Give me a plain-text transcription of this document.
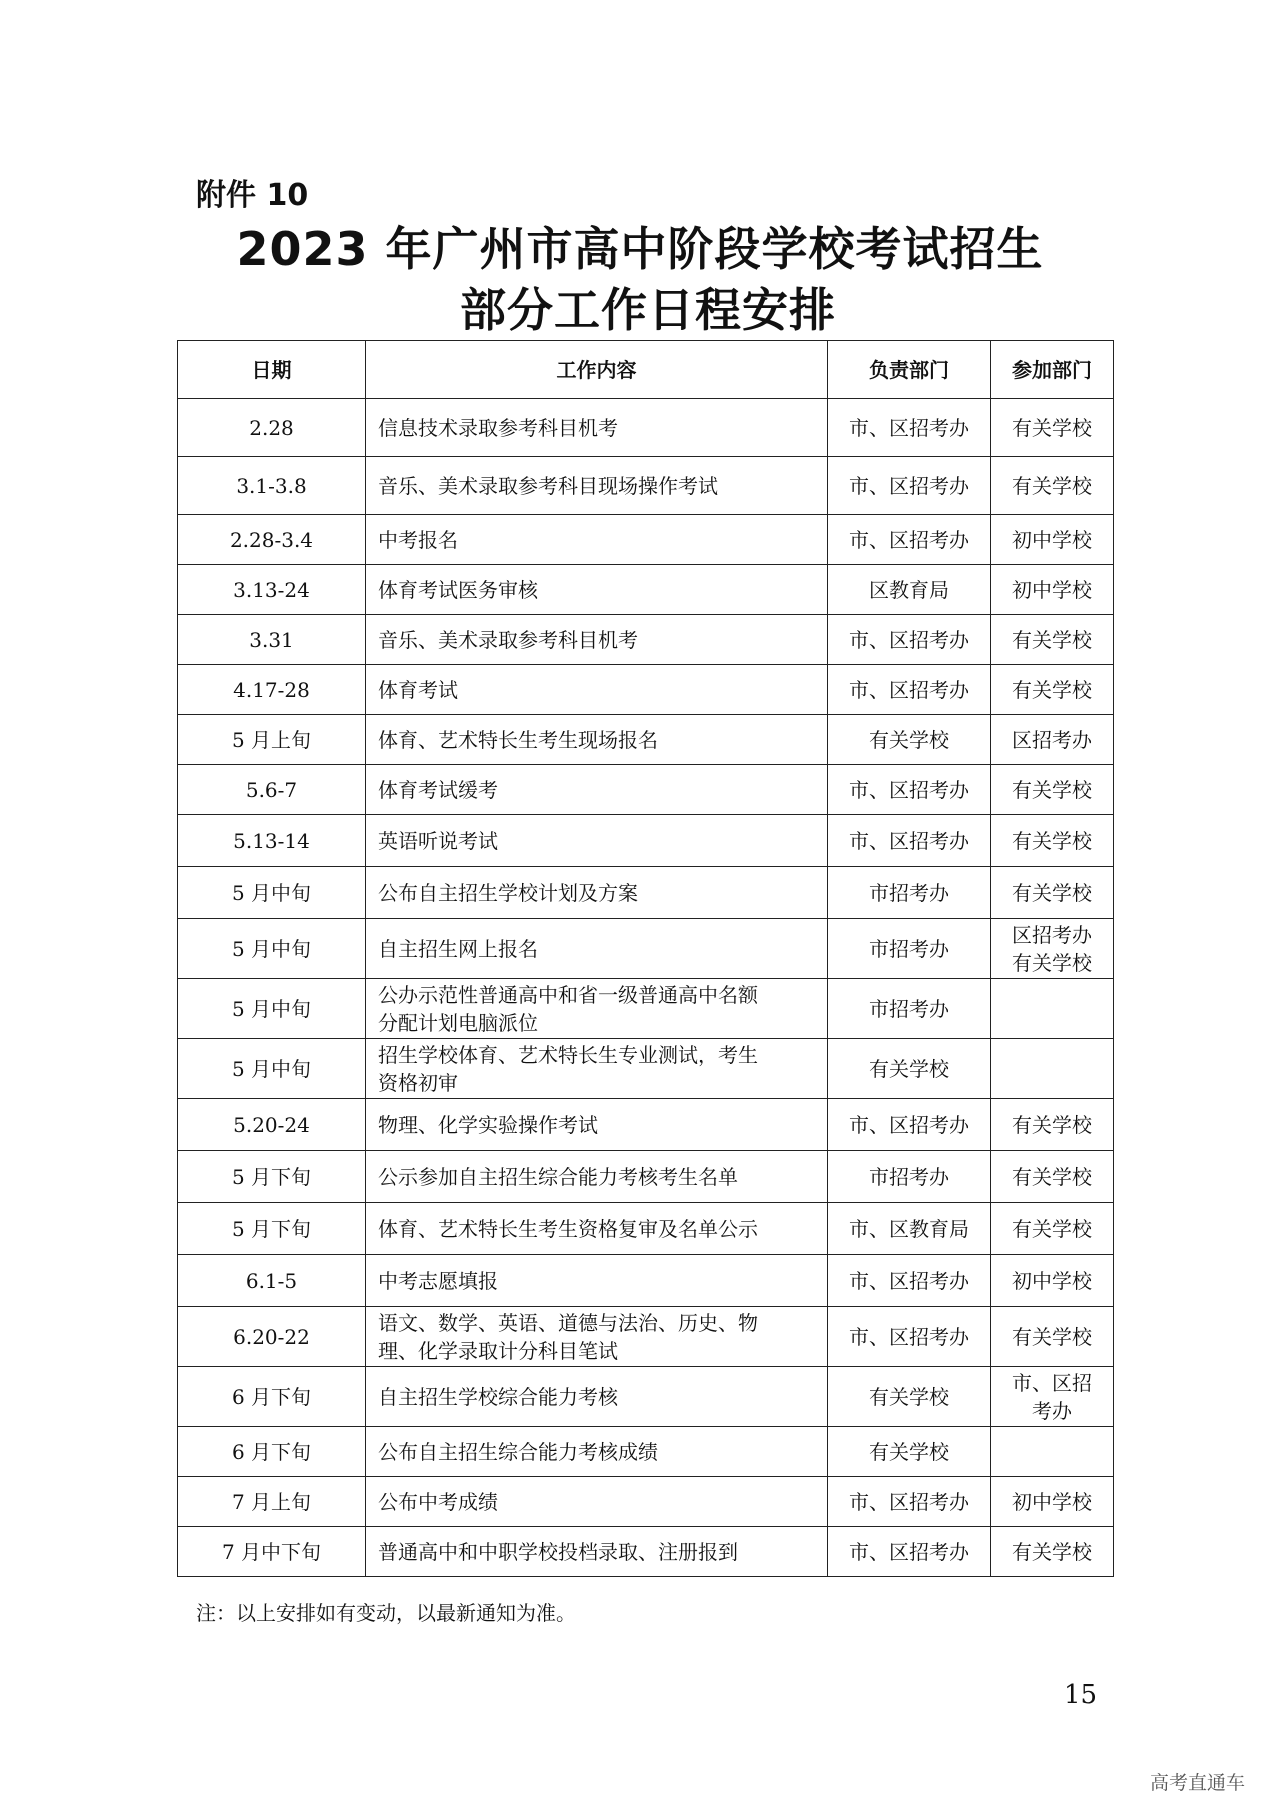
附件 10
2023 年广州市高中阶段学校考试招生
部分工作日程安排
日期	工作内容	负责部门	参加部门
2.28	信息技术录取参考科目机考	市、区招考办	有关学校

3.1-3.8	音乐、美术录取参考科目现场操作考试	市、区招考办	有关学校

2.28-3.4	中考报名	市、区招考办	初中学校

3.13-24	体育考试医务审核	区教育局	初中学校

3.31	音乐、美术录取参考科目机考	市、区招考办	有关学校

4.17-28	体育考试	市、区招考办	有关学校

5 月上旬	体育、艺术特长生考生现场报名	有关学校	区招考办

5.6-7	体育考试缓考	市、区招考办	有关学校

5.13-14	英语听说考试	市、区招考办	有关学校

5 月中旬	公布自主招生学校计划及方案	市招考办	有关学校

5 月中旬	自主招生网上报名	市招考办	区招考办
有关学校

5 月中旬	公办示范性普通高中和省一级普通高中名额
分配计划电脑派位	市招考办	

5 月中旬	招生学校体育、艺术特长生专业测试，考生
资格初审	有关学校	

5.20-24	物理、化学实验操作考试	市、区招考办	有关学校

5 月下旬	公示参加自主招生综合能力考核考生名单	市招考办	有关学校

5 月下旬	体育、艺术特长生考生资格复审及名单公示	市、区教育局	有关学校

6.1-5	中考志愿填报	市、区招考办	初中学校

6.20-22	语文、数学、英语、道德与法治、历史、物
理、化学录取计分科目笔试	市、区招考办	有关学校

6 月下旬	自主招生学校综合能力考核	有关学校	市、区招
考办

6 月下旬	公布自主招生综合能力考核成绩	有关学校	

7 月上旬	公布中考成绩	市、区招考办	初中学校

7 月中下旬	普通高中和中职学校投档录取、注册报到	市、区招考办	有关学校
注：以上安排如有变动，以最新通知为准。
15
高考直通车
